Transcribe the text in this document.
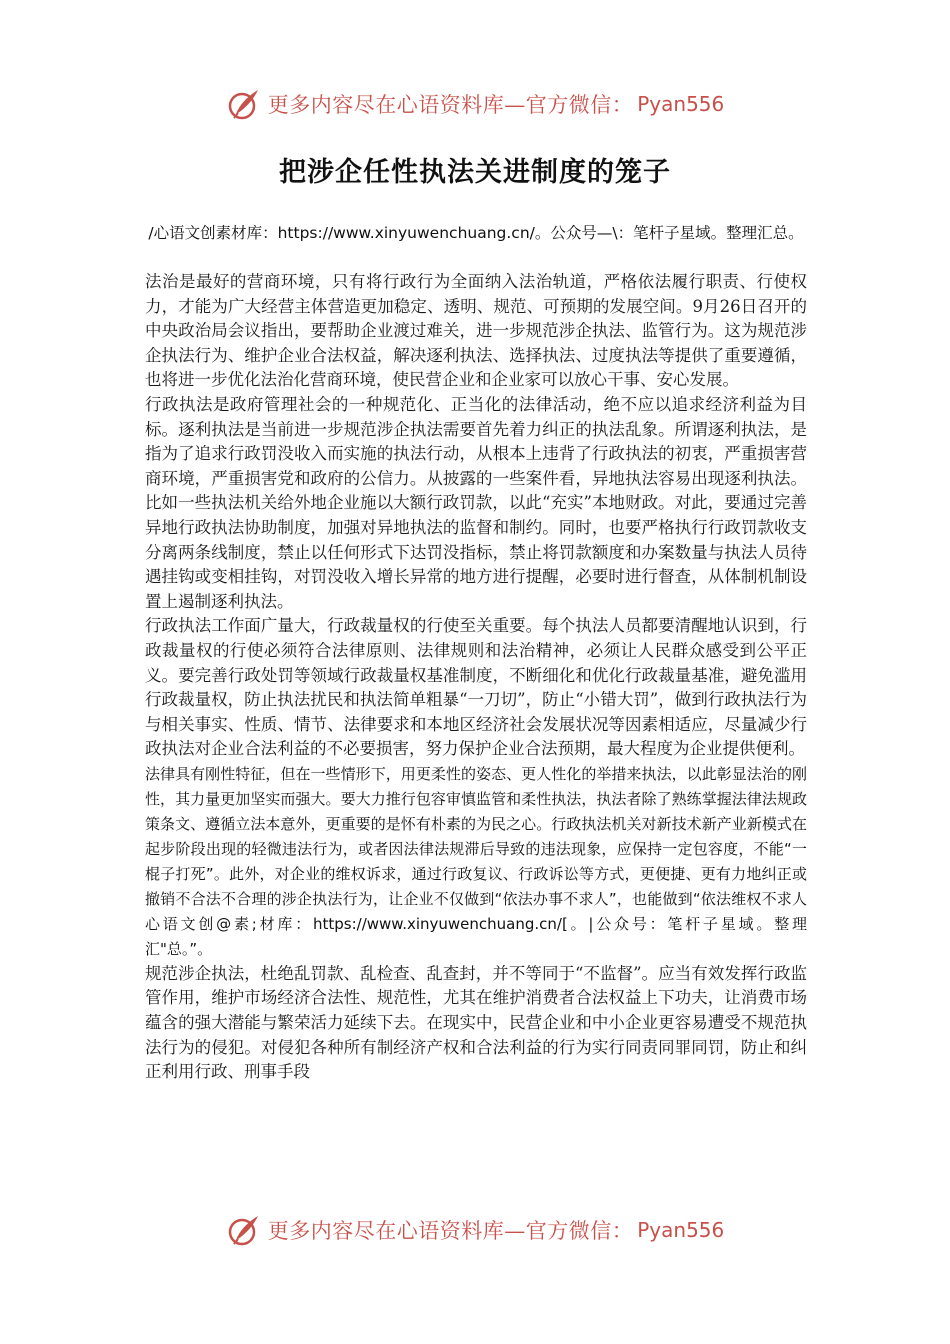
更多内容尽在心语资料库—官方微信： Pyan556
把涉企任性执法关进制度的笼子
/心语文创素材库：https://www.xinyuwenchuang.cn/。公众号—\：笔杆子星域。整理汇总。

法治是最好的营商环境，只有将行政行为全面纳入法治轨道，严格依法履行职责、行使权力，才能为广大经营主体营造更加稳定、透明、规范、可预期的发展空间。9月26日召开的中央政治局会议指出，要帮助企业渡过难关，进一步规范涉企执法、监管行为。这为规范涉企执法行为、维护企业合法权益，解决逐利执法、选择执法、过度执法等提供了重要遵循，也将进一步优化法治化营商环境，使民营企业和企业家可以放心干事、安心发展。

行政执法是政府管理社会的一种规范化、正当化的法律活动，绝不应以追求经济利益为目标。逐利执法是当前进一步规范涉企执法需要首先着力纠正的执法乱象。所谓逐利执法，是指为了追求行政罚没收入而实施的执法行动，从根本上违背了行政执法的初衷，严重损害营商环境，严重损害党和政府的公信力。从披露的一些案件看，异地执法容易出现逐利执法。比如一些执法机关给外地企业施以大额行政罚款，以此“充实”本地财政。对此，要通过完善异地行政执法协助制度，加强对异地执法的监督和制约。同时，也要严格执行行政罚款收支分离两条线制度，禁止以任何形式下达罚没指标，禁止将罚款额度和办案数量与执法人员待遇挂钩或变相挂钩，对罚没收入增长异常的地方进行提醒，必要时进行督查，从体制机制设置上遏制逐利执法。

行政执法工作面广量大，行政裁量权的行使至关重要。每个执法人员都要清醒地认识到，行政裁量权的行使必须符合法律原则、法律规则和法治精神，必须让人民群众感受到公平正义。要完善行政处罚等领域行政裁量权基准制度，不断细化和优化行政裁量基准，避免滥用行政裁量权，防止执法扰民和执法简单粗暴“一刀切”，防止“小错大罚”，做到行政执法行为与相关事实、性质、情节、法律要求和本地区经济社会发展状况等因素相适应，尽量减少行政执法对企业合法利益的不必要损害，努力保护企业合法预期，最大程度为企业提供便利。

法律具有刚性特征，但在一些情形下，用更柔性的姿态、更人性化的举措来执法，以此彰显法治的刚性，其力量更加坚实而强大。要大力推行包容审慎监管和柔性执法，执法者除了熟练掌握法律法规政策条文、遵循立法本意外，更重要的是怀有朴素的为民之心。行政执法机关对新技术新产业新模式在起步阶段出现的轻微违法行为，或者因法律法规滞后导致的违法现象，应保持一定包容度，不能“一棍子打死”。此外，对企业的维权诉求，通过行政复议、行政诉讼等方式，更便捷、更有力地纠正或撤销不合法不合理的涉企执法行为，让企业不仅做到“依法办事不求人”，也能做到“依法维权不求人心语文创@素;材库：https://www.xinyuwenchuang.cn/[。|公众号：笔杆子星域。整理汇"总。”。

规范涉企执法，杜绝乱罚款、乱检查、乱查封，并不等同于“不监督”。应当有效发挥行政监管作用，维护市场经济合法性、规范性，尤其在维护消费者合法权益上下功夫，让消费市场蕴含的强大潜能与繁荣活力延续下去。在现实中，民营企业和中小企业更容易遭受不规范执法行为的侵犯。对侵犯各种所有制经济产权和合法利益的行为实行同责同罪同罚，防止和纠正利用行政、刑事手段

更多内容尽在心语资料库—官方微信： Pyan556
